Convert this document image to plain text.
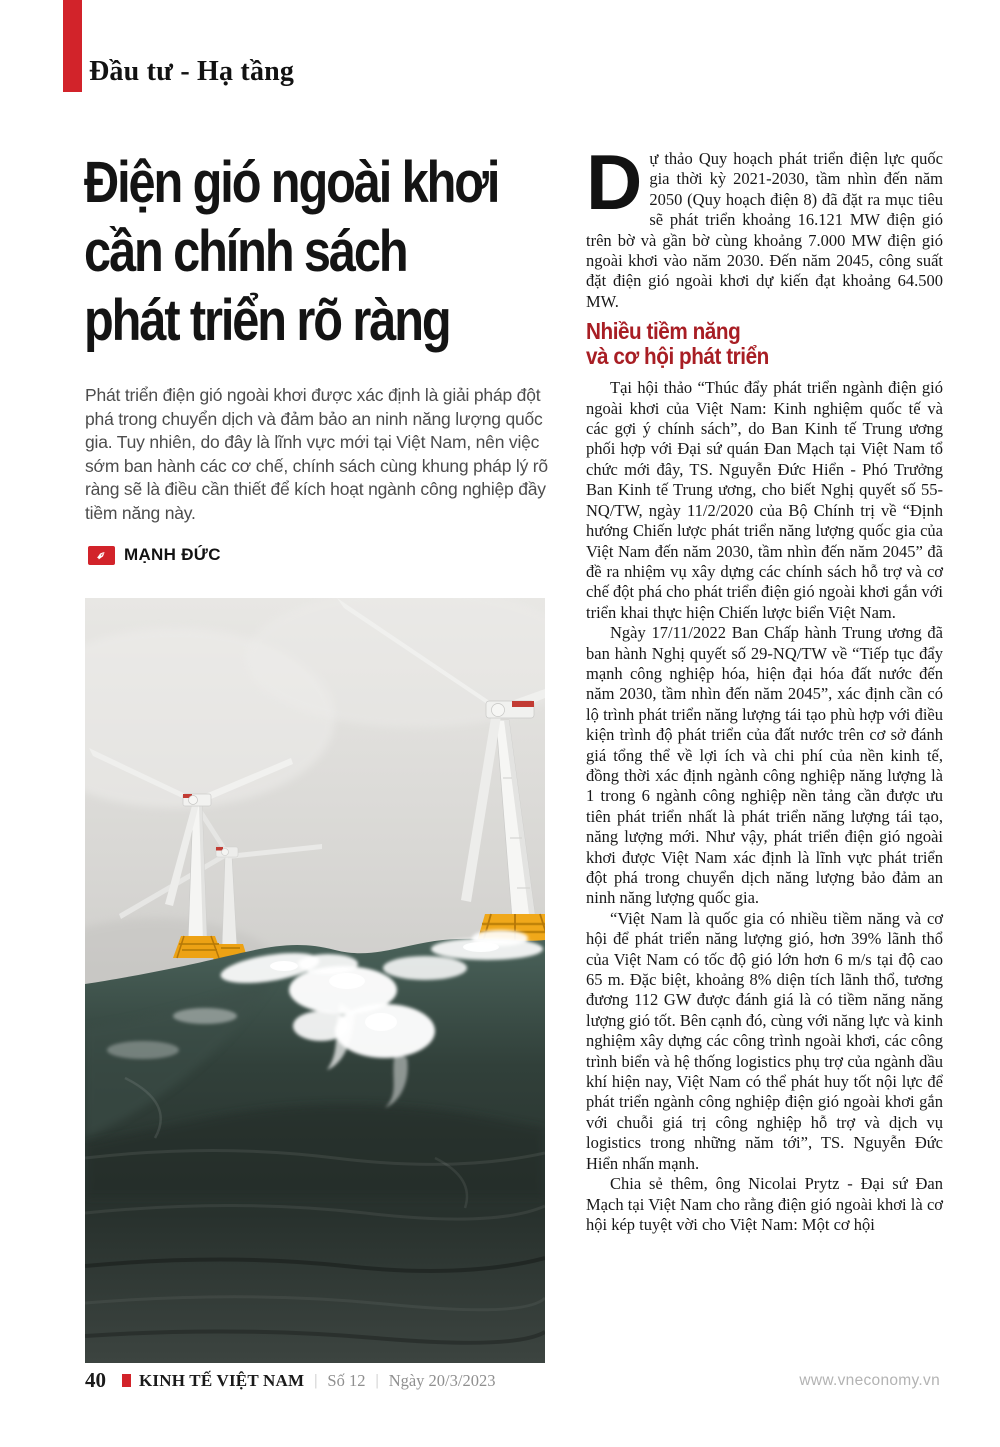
Đầu tư - Hạ tầng
Điện gió ngoài khơi
cần chính sách
phát triển rõ ràng
Phát triển điện gió ngoài khơi được xác định là giải pháp đột phá trong chuyển dịch và đảm bảo an ninh năng lượng quốc gia. Tuy nhiên, do đây là lĩnh vực mới tại Việt Nam, nên việc sớm ban hành các cơ chế, chính sách cùng khung pháp lý rõ ràng sẽ là điều cần thiết để kích hoạt ngành công nghiệp đầy tiềm năng này.
✒ MẠNH ĐỨC

Dự thảo Quy hoạch phát triển điện lực quốc gia thời kỳ 2021-2030, tầm nhìn đến năm 2050 (Quy hoạch điện 8) đã đặt ra mục tiêu sẽ phát triển khoảng 16.121 MW điện gió trên bờ và gần bờ cùng khoảng 7.000 MW điện gió ngoài khơi vào năm 2030. Đến năm 2045, công suất đặt điện gió ngoài khơi dự kiến đạt khoảng 64.500 MW.

Nhiều tiềm năng
và cơ hội phát triển

Tại hội thảo “Thúc đẩy phát triển ngành điện gió ngoài khơi của Việt Nam: Kinh nghiệm quốc tế và các gợi ý chính sách”, do Ban Kinh tế Trung ương phối hợp với Đại sứ quán Đan Mạch tại Việt Nam tổ chức mới đây, TS. Nguyễn Đức Hiển - Phó Trưởng Ban Kinh tế Trung ương, cho biết Nghị quyết số 55-NQ/TW, ngày 11/2/2020 của Bộ Chính trị về “Định hướng Chiến lược phát triển năng lượng quốc gia của Việt Nam đến năm 2030, tầm nhìn đến năm 2045” đã đề ra nhiệm vụ xây dựng các chính sách hỗ trợ và cơ chế đột phá cho phát triển điện gió ngoài khơi gắn với triển khai thực hiện Chiến lược biển Việt Nam.

Ngày 17/11/2022 Ban Chấp hành Trung ương đã ban hành Nghị quyết số 29-NQ/TW về “Tiếp tục đẩy mạnh công nghiệp hóa, hiện đại hóa đất nước đến năm 2030, tầm nhìn đến năm 2045”, xác định cần có lộ trình phát triển năng lượng tái tạo phù hợp với điều kiện trình độ phát triển của đất nước trên cơ sở đánh giá tổng thể về lợi ích và chi phí của nền kinh tế, đồng thời xác định ngành công nghiệp năng lượng là 1 trong 6 ngành công nghiệp nền tảng cần được ưu tiên phát triển nhất là phát triển năng lượng tái tạo, năng lượng mới. Như vậy, phát triển điện gió ngoài khơi được Việt Nam xác định là lĩnh vực phát triển đột phá trong chuyển dịch năng lượng bảo đảm an ninh năng lượng quốc gia.

“Việt Nam là quốc gia có nhiều tiềm năng và cơ hội để phát triển năng lượng gió, hơn 39% lãnh thổ của Việt Nam có tốc độ gió lớn hơn 6 m/s tại độ cao 65 m. Đặc biệt, khoảng 8% diện tích lãnh thổ, tương đương 112 GW được đánh giá là có tiềm năng năng lượng gió tốt. Bên cạnh đó, cùng với năng lực và kinh nghiệm xây dựng các công trình ngoài khơi, các công trình biển và hệ thống logistics phụ trợ của ngành dầu khí hiện nay, Việt Nam có thể phát huy tốt nội lực để phát triển ngành công nghiệp điện gió ngoài khơi gắn với chuỗi giá trị công nghiệp hỗ trợ và dịch vụ logistics trong những năm tới”, TS. Nguyễn Đức Hiển nhấn mạnh.

Chia sẻ thêm, ông Nicolai Prytz - Đại sứ Đan Mạch tại Việt Nam cho rằng điện gió ngoài khơi là cơ hội kép tuyệt vời cho Việt Nam: Một cơ hội

40 KINH TẾ VIỆT NAM | Số 12 | Ngày 20/3/2023	www.vneconomy.vn
